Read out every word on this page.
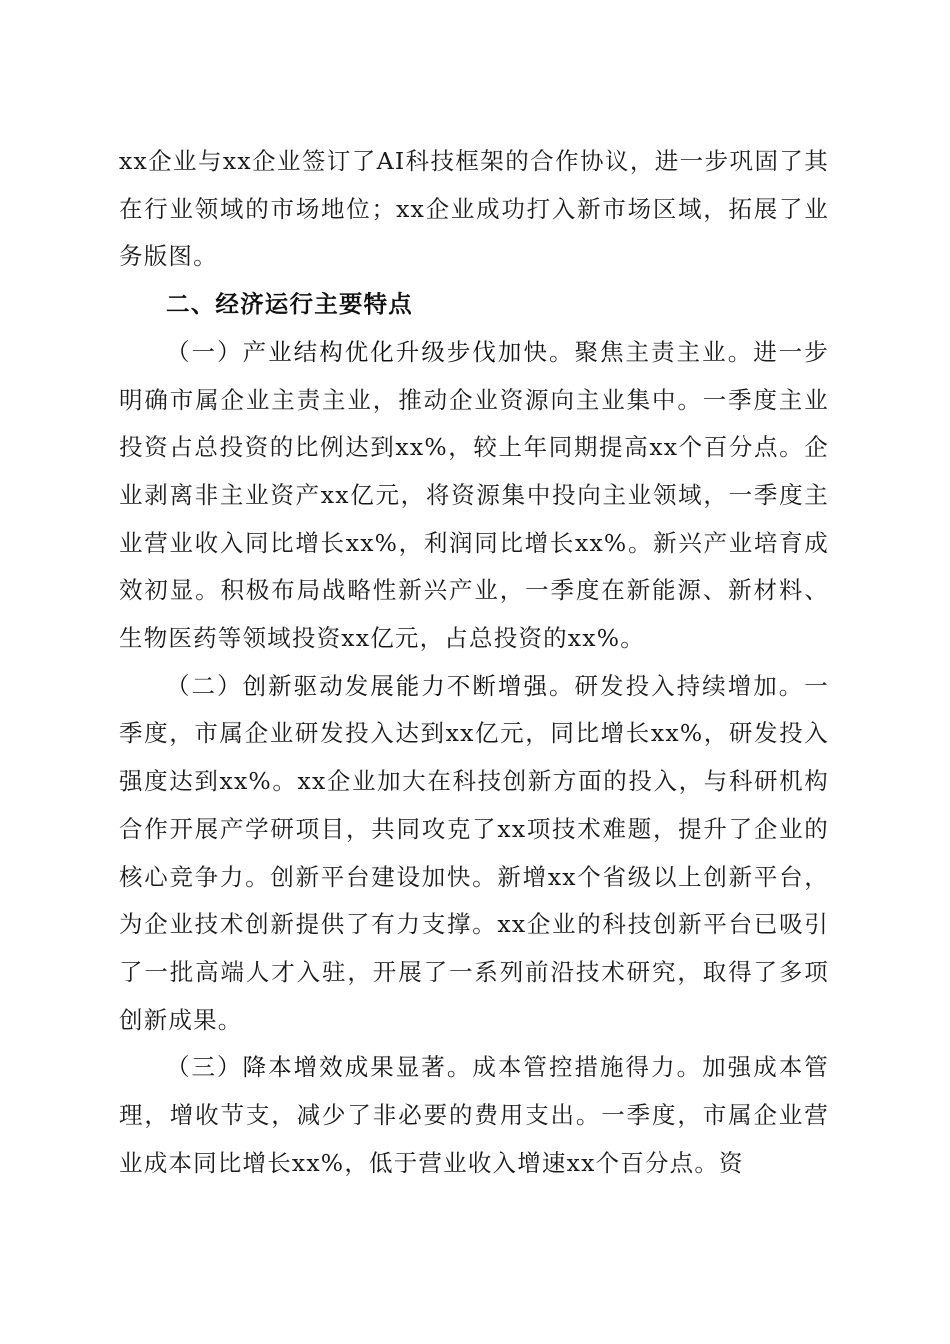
xx企业与xx企业签订了AI科技框架的合作协议，进一步巩固了其在行业领域的市场地位；xx企业成功打入新市场区域，拓展了业务版图。

二、经济运行主要特点

（一）产业结构优化升级步伐加快。聚焦主责主业。进一步明确市属企业主责主业，推动企业资源向主业集中。一季度主业投资占总投资的比例达到xx%，较上年同期提高xx个百分点。企业剥离非主业资产xx亿元，将资源集中投向主业领域，一季度主业营业收入同比增长xx%，利润同比增长xx%。新兴产业培育成效初显。积极布局战略性新兴产业，一季度在新能源、新材料、生物医药等领域投资xx亿元，占总投资的xx%。

（二）创新驱动发展能力不断增强。研发投入持续增加。一季度，市属企业研发投入达到xx亿元，同比增长xx%，研发投入强度达到xx%。xx企业加大在科技创新方面的投入，与科研机构合作开展产学研项目，共同攻克了xx项技术难题，提升了企业的核心竞争力。创新平台建设加快。新增xx个省级以上创新平台，为企业技术创新提供了有力支撑。xx企业的科技创新平台已吸引了一批高端人才入驻，开展了一系列前沿技术研究，取得了多项创新成果。

（三）降本增效成果显著。成本管控措施得力。加强成本管理，增收节支，减少了非必要的费用支出。一季度，市属企业营业成本同比增长xx%，低于营业收入增速xx个百分点。资
